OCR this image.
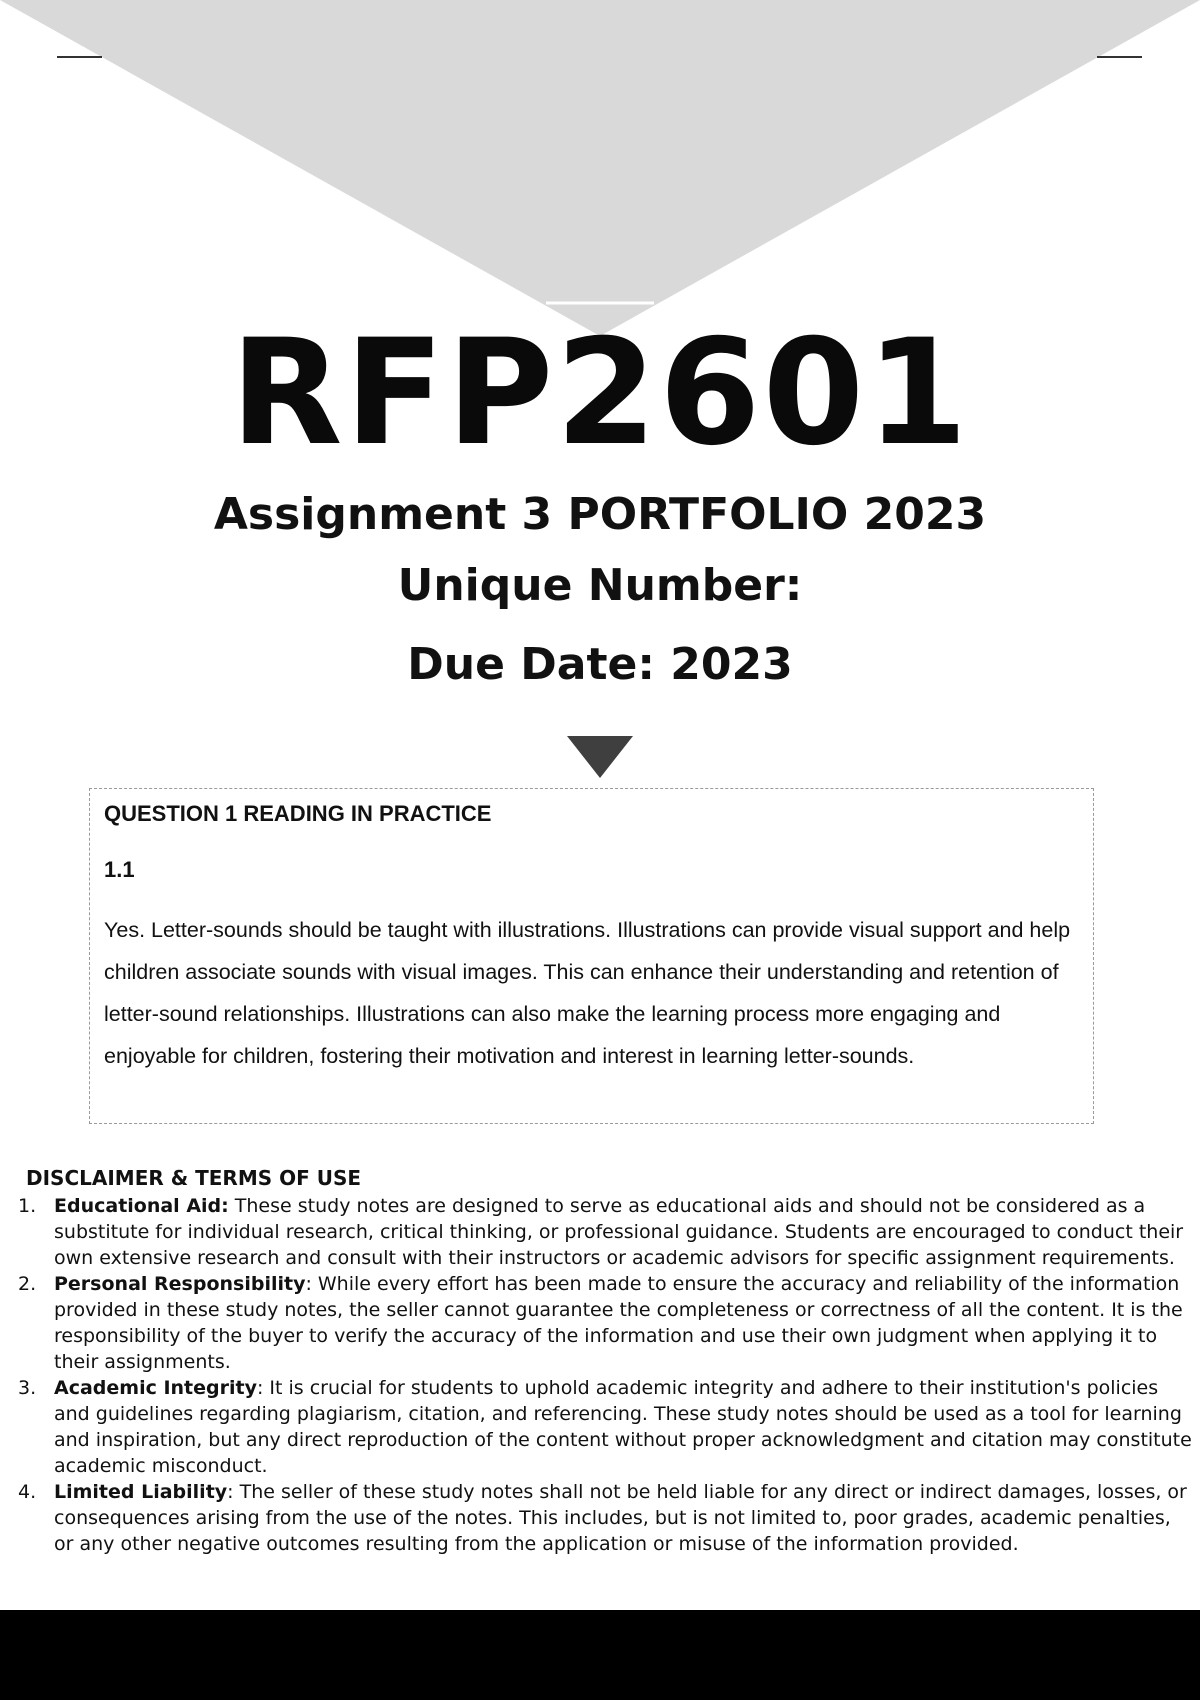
RFP2601
Assignment 3 PORTFOLIO 2023
Unique Number:
Due Date: 2023
QUESTION 1 READING IN PRACTICE
1.1
Yes. Letter-sounds should be taught with illustrations. Illustrations can provide visual support and help children associate sounds with visual images. This can enhance their understanding and retention of letter-sound relationships. Illustrations can also make the learning process more engaging and enjoyable for children, fostering their motivation and interest in learning letter-sounds.
DISCLAIMER & TERMS OF USE
1. Educational Aid: These study notes are designed to serve as educational aids and should not be considered as a substitute for individual research, critical thinking, or professional guidance. Students are encouraged to conduct their own extensive research and consult with their instructors or academic advisors for specific assignment requirements.
2. Personal Responsibility: While every effort has been made to ensure the accuracy and reliability of the information provided in these study notes, the seller cannot guarantee the completeness or correctness of all the content. It is the responsibility of the buyer to verify the accuracy of the information and use their own judgment when applying it to their assignments.
3. Academic Integrity: It is crucial for students to uphold academic integrity and adhere to their institution's policies and guidelines regarding plagiarism, citation, and referencing. These study notes should be used as a tool for learning and inspiration, but any direct reproduction of the content without proper acknowledgment and citation may constitute academic misconduct.
4. Limited Liability: The seller of these study notes shall not be held liable for any direct or indirect damages, losses, or consequences arising from the use of the notes. This includes, but is not limited to, poor grades, academic penalties, or any other negative outcomes resulting from the application or misuse of the information provided.
